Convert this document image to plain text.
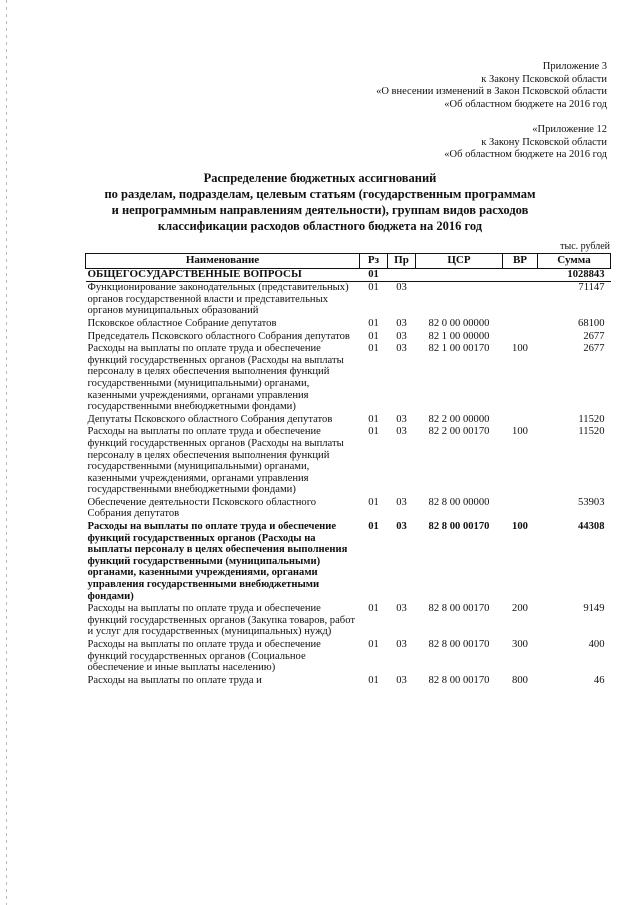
Приложение 3
к Закону Псковской области
«О внесении изменений в Закон Псковской области
«Об областном бюджете на 2016 год
«Приложение 12
к Закону Псковской области
«Об областном бюджете на 2016 год
Распределение бюджетных ассигнований
по разделам, подразделам, целевым статьям (государственным программам
и непрограммным направлениям деятельности), группам видов расходов
классификации расходов областного бюджета на 2016 год
тыс. рублей
Наименование	Рз	Пр	ЦСР	ВР	Сумма
ОБЩЕГОСУДАРСТВЕННЫЕ ВОПРОСЫ	01				1028843
Функционирование законодательных (представительных) органов государственной власти и представительных органов муниципальных образований	01	03			71147
Псковское областное Собрание депутатов	01	03	82 0 00 00000		68100
Председатель Псковского областного Собрания депутатов	01	03	82 1 00 00000		2677
Расходы на выплаты по оплате труда и обеспечение функций государственных органов (Расходы на выплаты персоналу в целях обеспечения выполнения функций государственными (муниципальными) органами, казенными учреждениями, органами управления государственными внебюджетными фондами)	01	03	82 1 00 00170	100	2677
Депутаты Псковского областного Собрания депутатов	01	03	82 2 00 00000		11520
Расходы на выплаты по оплате труда и обеспечение функций государственных органов (Расходы на выплаты персоналу в целях обеспечения выполнения функций государственными (муниципальными) органами, казенными учреждениями, органами управления государственными внебюджетными фондами)	01	03	82 2 00 00170	100	11520
Обеспечение деятельности Псковского областного Собрания депутатов	01	03	82 8 00 00000		53903
Расходы на выплаты по оплате труда и обеспечение функций государственных органов (Расходы на выплаты персоналу в целях обеспечения выполнения функций государственными (муниципальными) органами, казенными учреждениями, органами управления государственными внебюджетными фондами)	01	03	82 8 00 00170	100	44308
Расходы на выплаты по оплате труда и обеспечение функций государственных органов (Закупка товаров, работ и услуг для государственных (муниципальных) нужд)	01	03	82 8 00 00170	200	9149
Расходы на выплаты по оплате труда и обеспечение функций государственных органов (Социальное обеспечение и иные выплаты населению)	01	03	82 8 00 00170	300	400
Расходы на выплаты по оплате труда и	01	03	82 8 00 00170	800	46
